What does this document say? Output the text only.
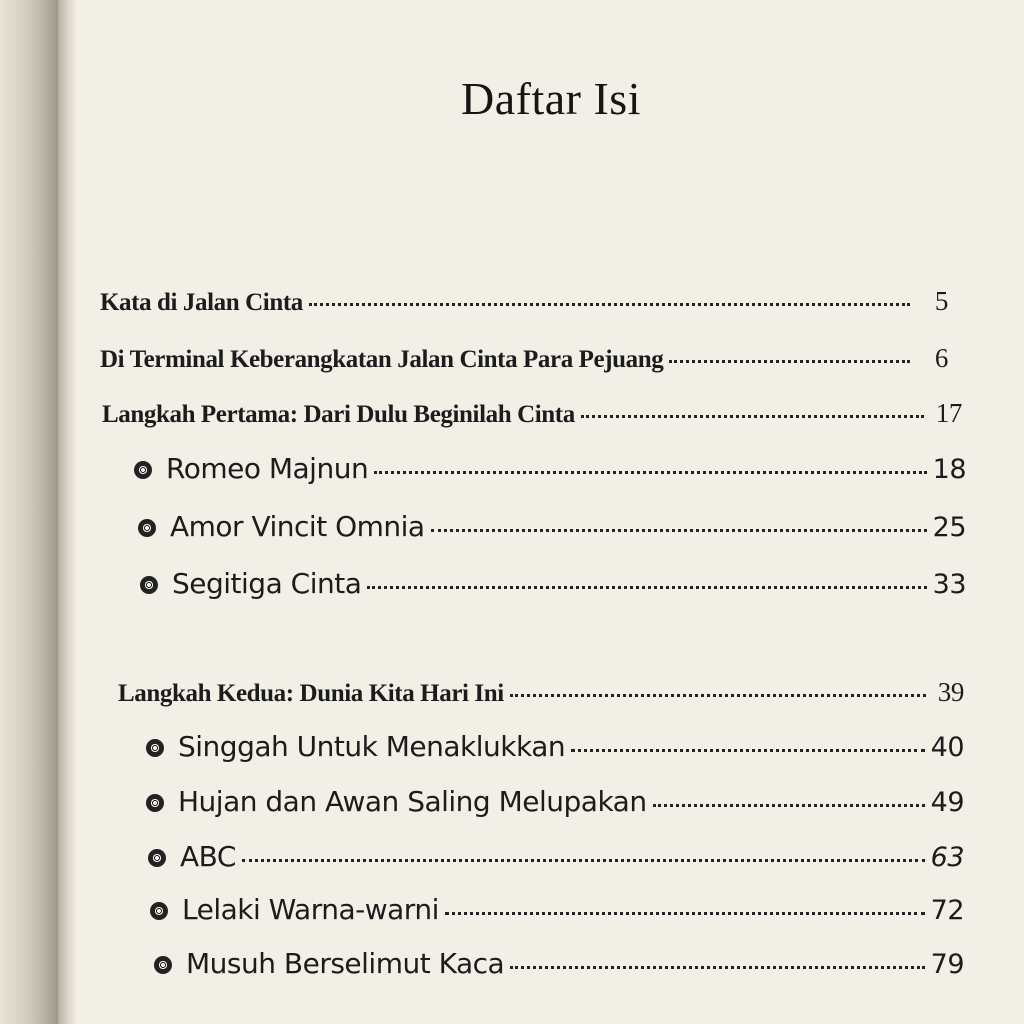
Daftar Isi
Kata di Jalan Cinta	5
Di Terminal Keberangkatan Jalan Cinta Para Pejuang	6
Langkah Pertama: Dari Dulu Beginilah Cinta	17
Romeo Majnun	18
Amor Vincit Omnia	25
Segitiga Cinta	33
Langkah Kedua: Dunia Kita Hari Ini	39
Singgah Untuk Menaklukkan	40
Hujan dan Awan Saling Melupakan	49
ABC	63
Lelaki Warna-warni	72
Musuh Berselimut Kaca	79
